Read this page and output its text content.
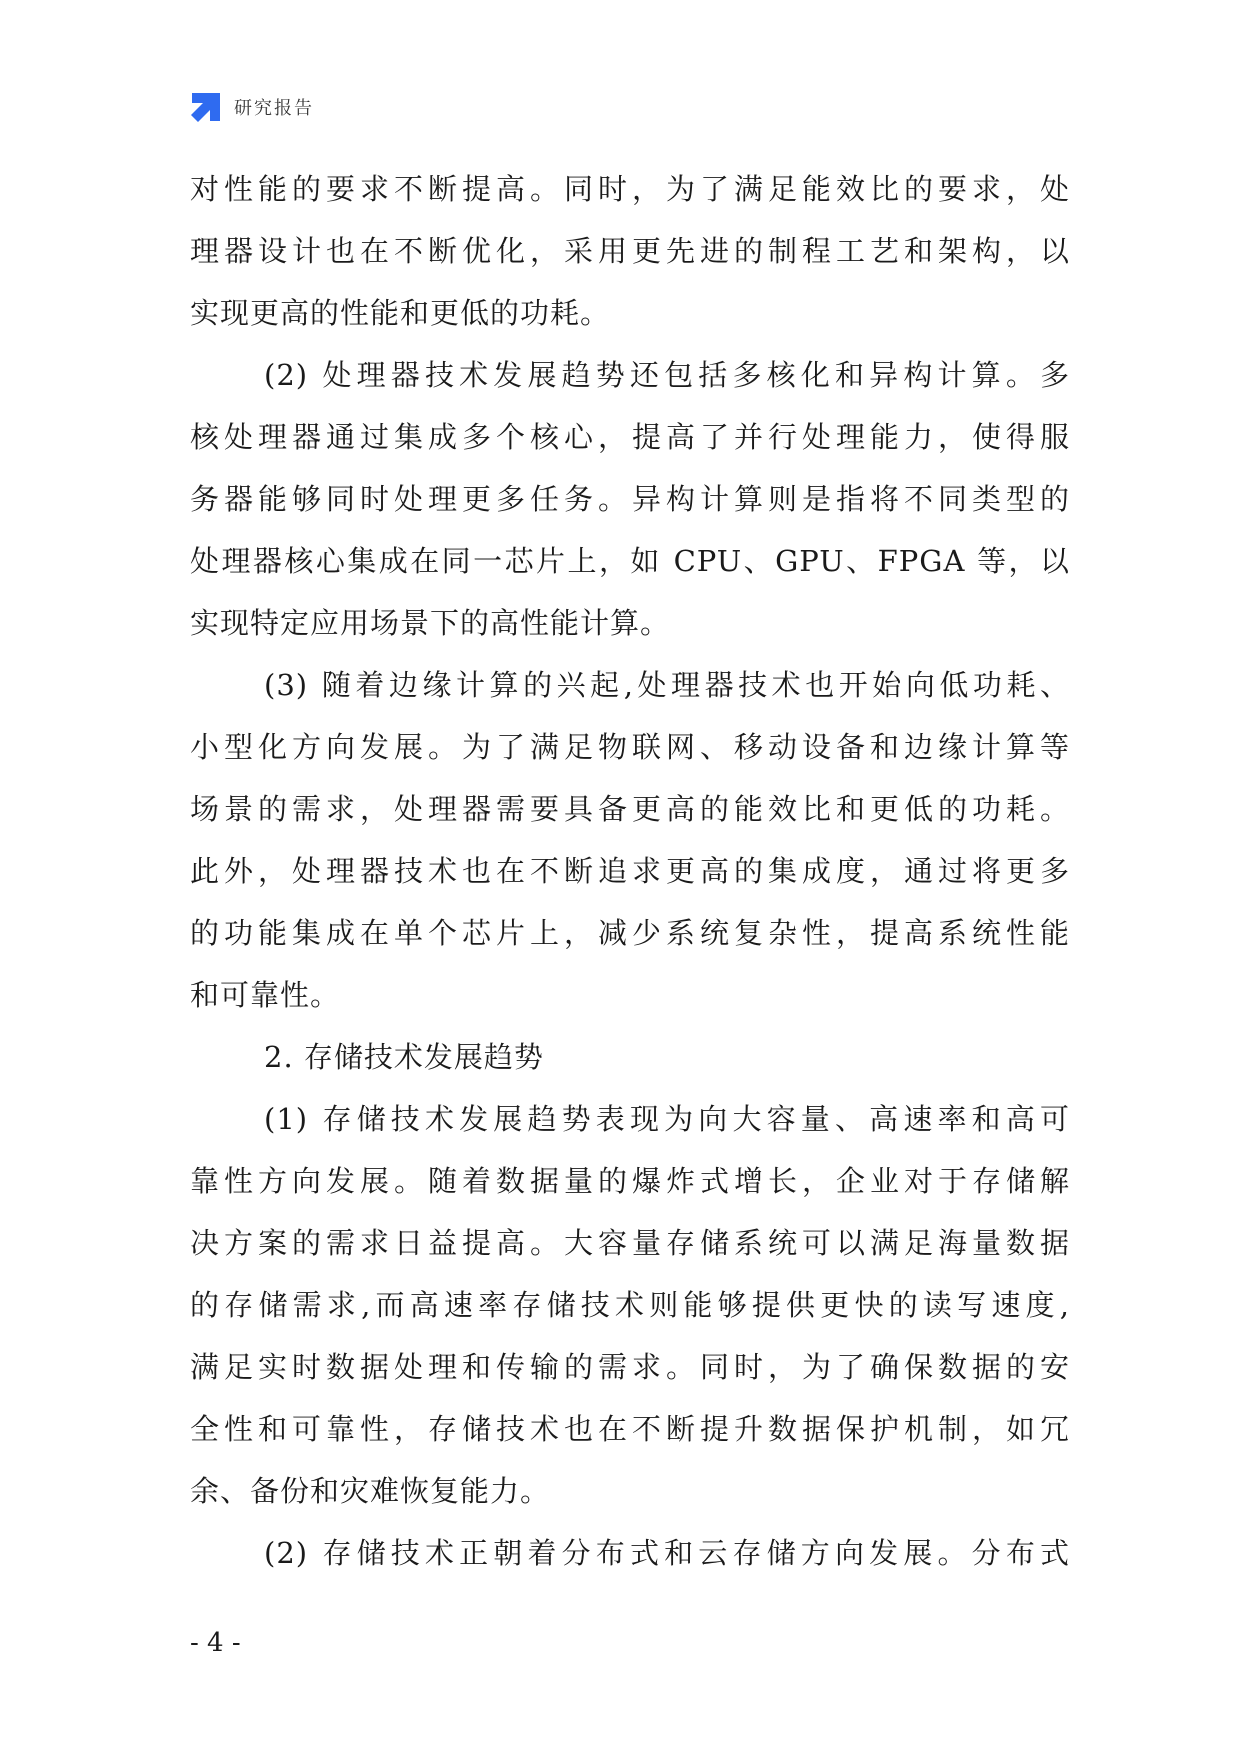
研究报告

对性能的要求不断提高。同时，为了满足能效比的要求，处

理器设计也在不断优化，采用更先进的制程工艺和架构，以

实现更高的性能和更低的功耗。

(2) 处理器技术发展趋势还包括多核化和异构计算。多

核处理器通过集成多个核心，提高了并行处理能力，使得服

务器能够同时处理更多任务。异构计算则是指将不同类型的

处理器核心集成在同一芯片上，如 CPU、GPU、FPGA 等，以

实现特定应用场景下的高性能计算。

(3) 随着边缘计算的兴起,处理器技术也开始向低功耗、

小型化方向发展。为了满足物联网、移动设备和边缘计算等

场景的需求，处理器需要具备更高的能效比和更低的功耗。

此外，处理器技术也在不断追求更高的集成度，通过将更多

的功能集成在单个芯片上，减少系统复杂性，提高系统性能

和可靠性。

2. 存储技术发展趋势

(1) 存储技术发展趋势表现为向大容量、高速率和高可

靠性方向发展。随着数据量的爆炸式增长，企业对于存储解

决方案的需求日益提高。大容量存储系统可以满足海量数据

的存储需求,而高速率存储技术则能够提供更快的读写速度,

满足实时数据处理和传输的需求。同时，为了确保数据的安

全性和可靠性，存储技术也在不断提升数据保护机制，如冗

余、备份和灾难恢复能力。

(2) 存储技术正朝着分布式和云存储方向发展。分布式

- 4 -
